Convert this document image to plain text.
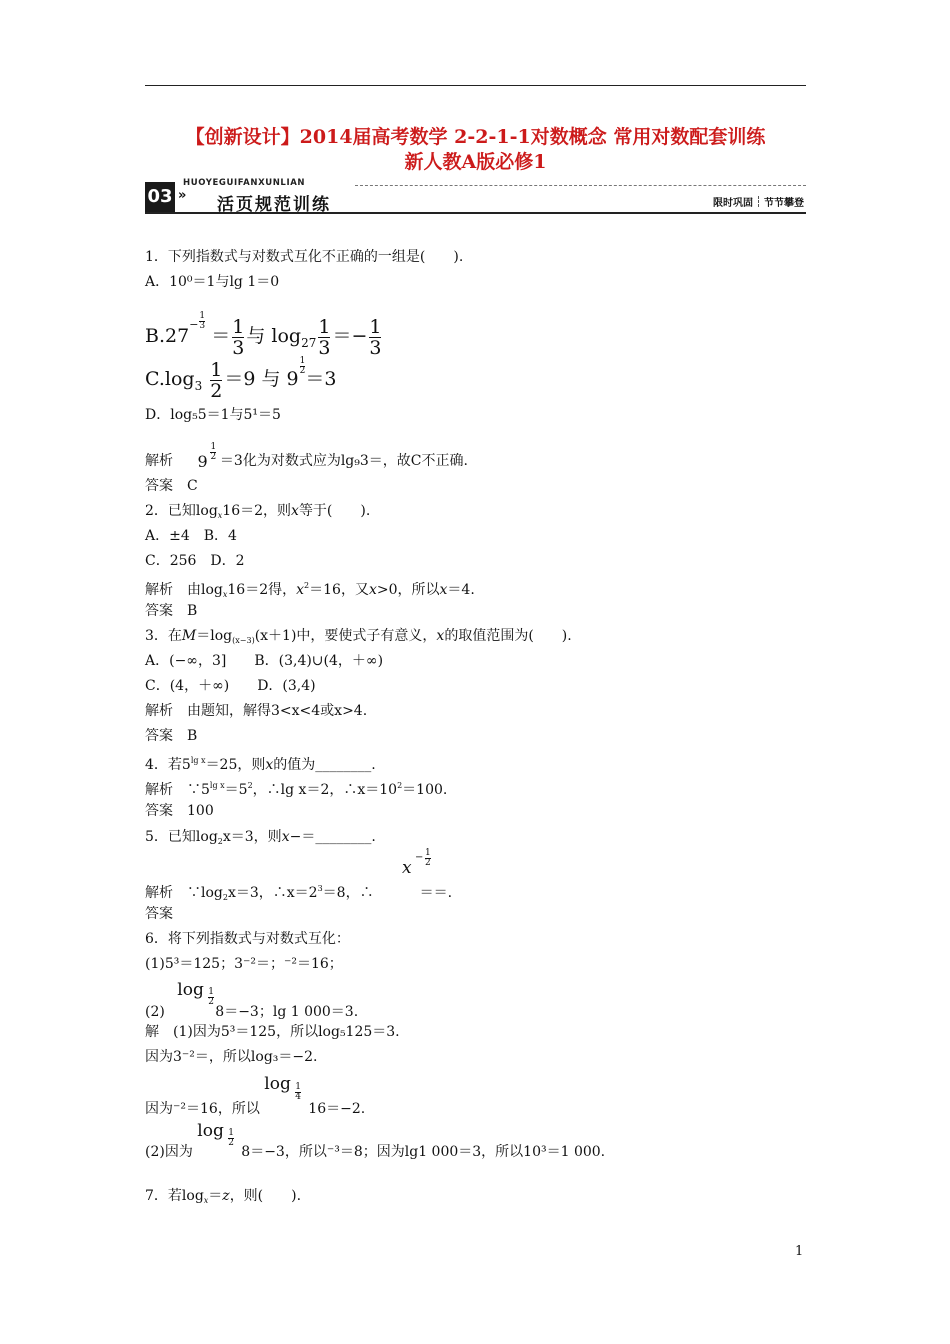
【创新设计】2014届高考数学 2-2-1-1对数概念 常用对数配套训练
新人教A版必修1
03
HUOYEGUIFANXUNLIAN
» 活页规范训练	限时巩固 节节攀登
1．下列指数式与对数式互化不正确的一组是(　　).
A．10⁰＝1与lg 1＝0
$B.27^- \frac{1}{3}$
＝ $\frac{1}{3}$ 与 $\log_{27} \frac{1}{3} =- \frac{1}{3}$
$C.\log_3 \frac{1}{2} =9$ 与 9
$\frac{1}{2}$
＝3
D．log₅5＝1与5¹＝5
解析 9
1
2 ＝3化为对数式应为lg₉3＝，故C不正确.
答案　C
2．已知$\log_x16=2$，则x等于(　　).
A．±4　B．4
C．256　D．2
解析　由$\log_x16=2$得，$x^2=16$，又x>0，所以x＝4.
答案　B
3．在$M=\log_{(x-3)}(x+1)$中，要使式子有意义，x的取值范围为(　　).
A．(−∞，3]　　B．(3,4)∪(4，＋∞)
C．(4，＋∞)　　D．(3,4)
解析　由题知，解得3<x<4或x>4.
答案　B
4．若$5^{lg x}=25$，则x的值为________.
解析　$\because 5^{lg x}=5^2$，∴lg x＝2，$\therefore x=10^2=100$.
答案　100
5．已知$\log_2x=3$，则x−＝________.
x
− 1
2
解析　$\because\log_2x=3$，$\therefore x=2^3=8$，∴	＝＝.
答案
6．将下列指数式与对数式互化：
(1)5³＝125；3⁻²＝；⁻²＝16；
(2)
log 1
2
8＝−3；lg 1 000＝3.
解　(1)因为5³＝125，所以log₅125＝3.
因为3⁻²＝，所以log₃＝−2.
因为⁻²＝16，所以
log 1
4
16＝−2.
(2)因为
log 1
2
8＝−3，所以⁻³＝8；因为lg1 000＝3，所以10³＝1 000.
7．若$\log_x=z$，则(　　).
1
